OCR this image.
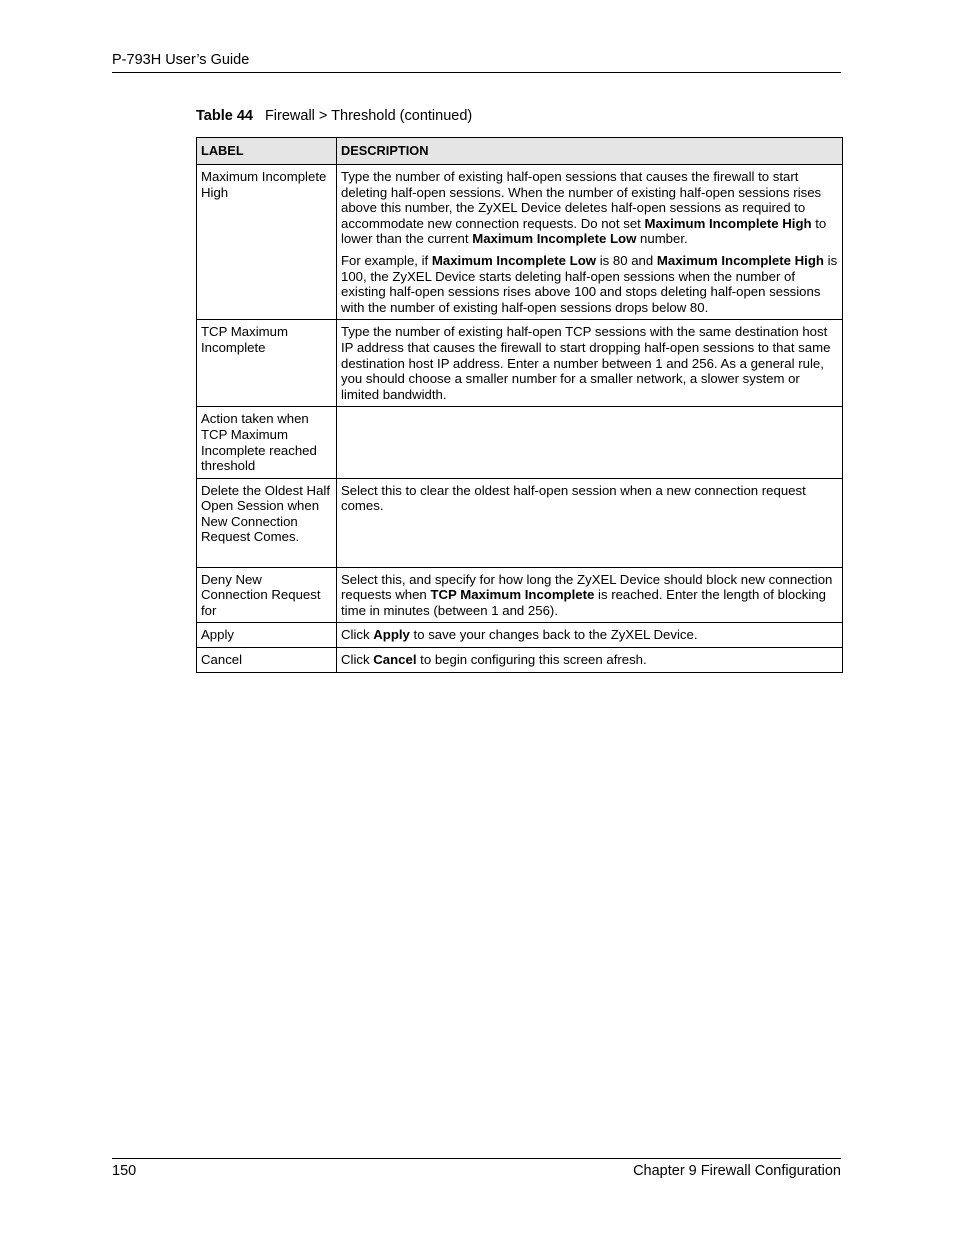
P-793H User’s Guide
Table 44 Firewall > Threshold (continued)
LABEL	DESCRIPTION
Maximum Incomplete High	Type the number of existing half-open sessions that causes the firewall to start deleting half-open sessions. When the number of existing half-open sessions rises above this number, the ZyXEL Device deletes half-open sessions as required to accommodate new connection requests. Do not set Maximum Incomplete High to lower than the current Maximum Incomplete Low number.

For example, if Maximum Incomplete Low is 80 and Maximum Incomplete High is 100, the ZyXEL Device starts deleting half-open sessions when the number of existing half-open sessions rises above 100 and stops deleting half-open sessions with the number of existing half-open sessions drops below 80.

TCP Maximum Incomplete	Type the number of existing half-open TCP sessions with the same destination host IP address that causes the firewall to start dropping half-open sessions to that same destination host IP address. Enter a number between 1 and 256. As a general rule, you should choose a smaller number for a smaller network, a slower system or limited bandwidth.

Action taken when TCP Maximum Incomplete reached threshold	

Delete the Oldest Half Open Session when New Connection Request Comes.	Select this to clear the oldest half-open session when a new connection request comes.

Deny New Connection Request for	Select this, and specify for how long the ZyXEL Device should block new connection requests when TCP Maximum Incomplete is reached. Enter the length of blocking time in minutes (between 1 and 256).

Apply	Click Apply to save your changes back to the ZyXEL Device.

Cancel	Click Cancel to begin configuring this screen afresh.

150	Chapter 9 Firewall Configuration
